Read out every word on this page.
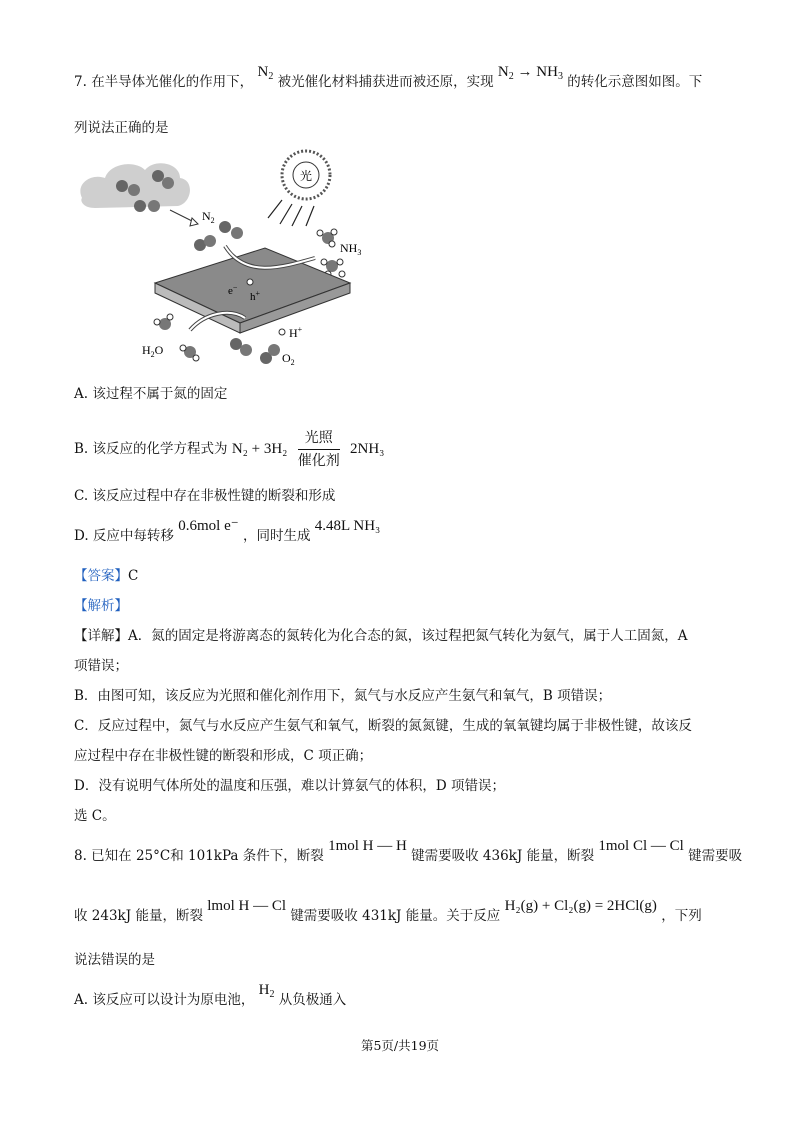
7. 在半导体光催化的作用下， $N_2$ 被光催化材料捕获进而被还原，实现 $N_2 \to NH_3$ 的转化示意图如图。下
列说法正确的是
$N_2$
光
$NH_3$
e−
h+
$H_2O$
H+
$O_2$
A. 该过程不属于氮的固定
B. 该反应的化学方程式为 $N_2 + 3H_2 \frac{\text{光照}}{\text{催化剂}} 2NH_3$
C. 该反应过程中存在非极性键的断裂和形成
D. 反应中每转移 0.6mol e⁻ ，同时生成 4.48L NH₃
【答案】C
【解析】
【详解】A．氮的固定是将游离态的氮转化为化合态的氮，该过程把氮气转化为氨气，属于人工固氮，A
项错误；
B．由图可知，该反应为光照和催化剂作用下，氮气与水反应产生氨气和氧气，B 项错误；
C．反应过程中，氮气与水反应产生氨气和氧气，断裂的氮氮键，生成的氧氧键均属于非极性键，故该反
应过程中存在非极性键的断裂和形成，C 项正确；
D．没有说明气体所处的温度和压强，难以计算氨气的体积，D 项错误；
选 C。
8. 已知在 25°C和 101kPa 条件下，断裂 1mol H — H 键需要吸收 436kJ 能量，断裂 1mol Cl — Cl 键需要吸
收 243kJ 能量，断裂 lmol H — Cl 键需要吸收 431kJ 能量。关于反应 H₂(g) + Cl₂(g) = 2HCl(g) ，下列
说法错误的是
A. 该反应可以设计为原电池， $H_2$ 从负极通入
第5页/共19页
